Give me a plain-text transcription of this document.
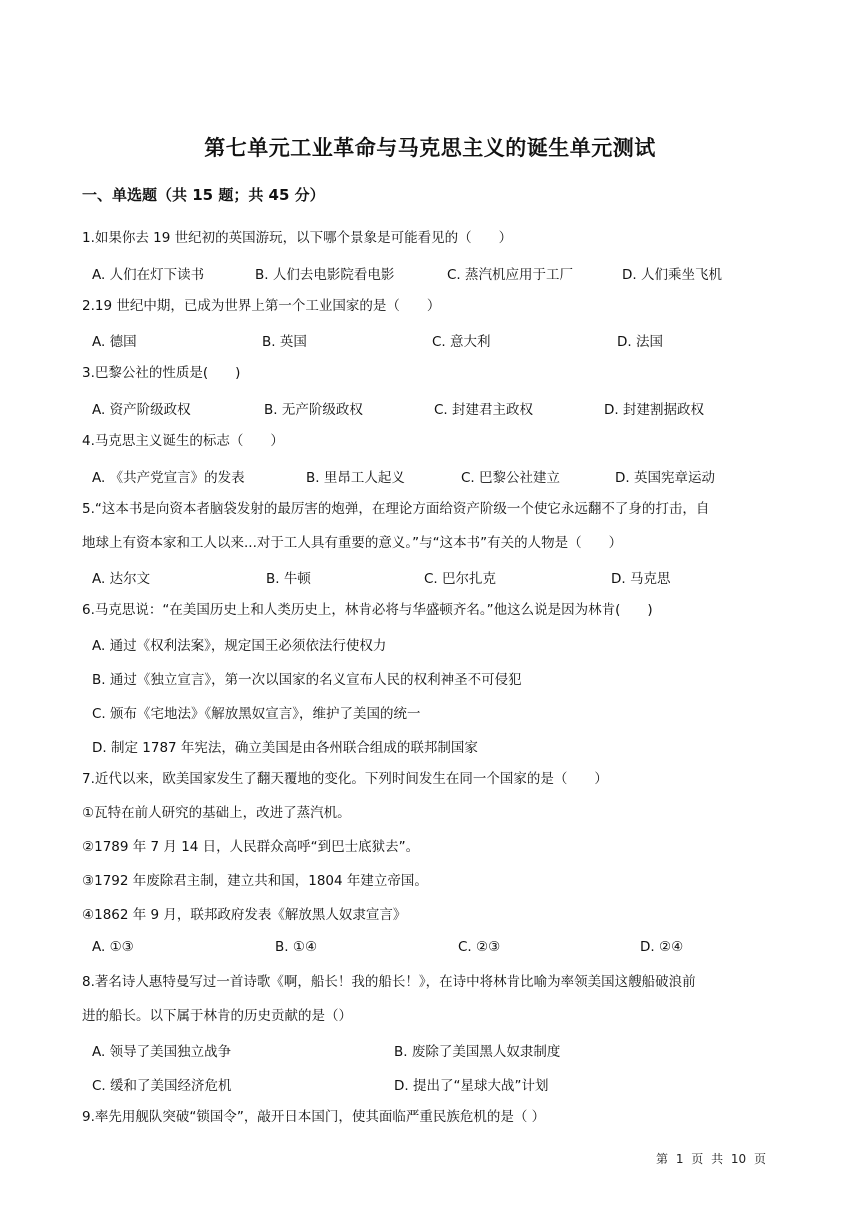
第七单元工业革命与马克思主义的诞生单元测试
一、单选题（共 15 题；共 45 分）
1.如果你去 19 世纪初的英国游玩，以下哪个景象是可能看见的（　　）
A. 人们在灯下读书	B. 人们去电影院看电影	C. 蒸汽机应用于工厂	D. 人们乘坐飞机
2.19 世纪中期，已成为世界上第一个工业国家的是（　　）
A. 德国	B. 英国	C. 意大利	D. 法国
3.巴黎公社的性质是(　　)
A. 资产阶级政权	B. 无产阶级政权	C. 封建君主政权	D. 封建割据政权
4.马克思主义诞生的标志（　　）
A. 《共产党宣言》的发表	B. 里昂工人起义	C. 巴黎公社建立	D. 英国宪章运动
5.“这本书是向资本者脑袋发射的最厉害的炮弹，在理论方面给资产阶级一个使它永远翻不了身的打击，自
地球上有资本家和工人以来...对于工人具有重要的意义。”与“这本书”有关的人物是（　　）
A. 达尔文	B. 牛顿	C. 巴尔扎克	D. 马克思
6.马克思说：“在美国历史上和人类历史上，林肯必将与华盛顿齐名。”他这么说是因为林肯(　　)
A. 通过《权利法案》，规定国王必须依法行使权力
B. 通过《独立宣言》，第一次以国家的名义宣布人民的权利神圣不可侵犯
C. 颁布《宅地法》《解放黑奴宣言》，维护了美国的统一
D. 制定 1787 年宪法，确立美国是由各州联合组成的联邦制国家
7.近代以来，欧美国家发生了翻天覆地的变化。下列时间发生在同一个国家的是（　　）
①瓦特在前人研究的基础上，改进了蒸汽机。
②1789 年 7 月 14 日，人民群众高呼“到巴士底狱去”。
③1792 年废除君主制，建立共和国，1804 年建立帝国。
④1862 年 9 月，联邦政府发表《解放黑人奴隶宣言》
A. ①③	B. ①④	C. ②③	D. ②④
8.著名诗人惠特曼写过一首诗歌《啊，船长！我的船长！》，在诗中将林肯比喻为率领美国这艘船破浪前
进的船长。以下属于林肯的历史贡献的是（）
A. 领导了美国独立战争	B. 废除了美国黑人奴隶制度
C. 缓和了美国经济危机	D. 提出了“星球大战”计划
9.率先用舰队突破“锁国令”，敲开日本国门，使其面临严重民族危机的是（ ）
第 1 页 共 10 页
